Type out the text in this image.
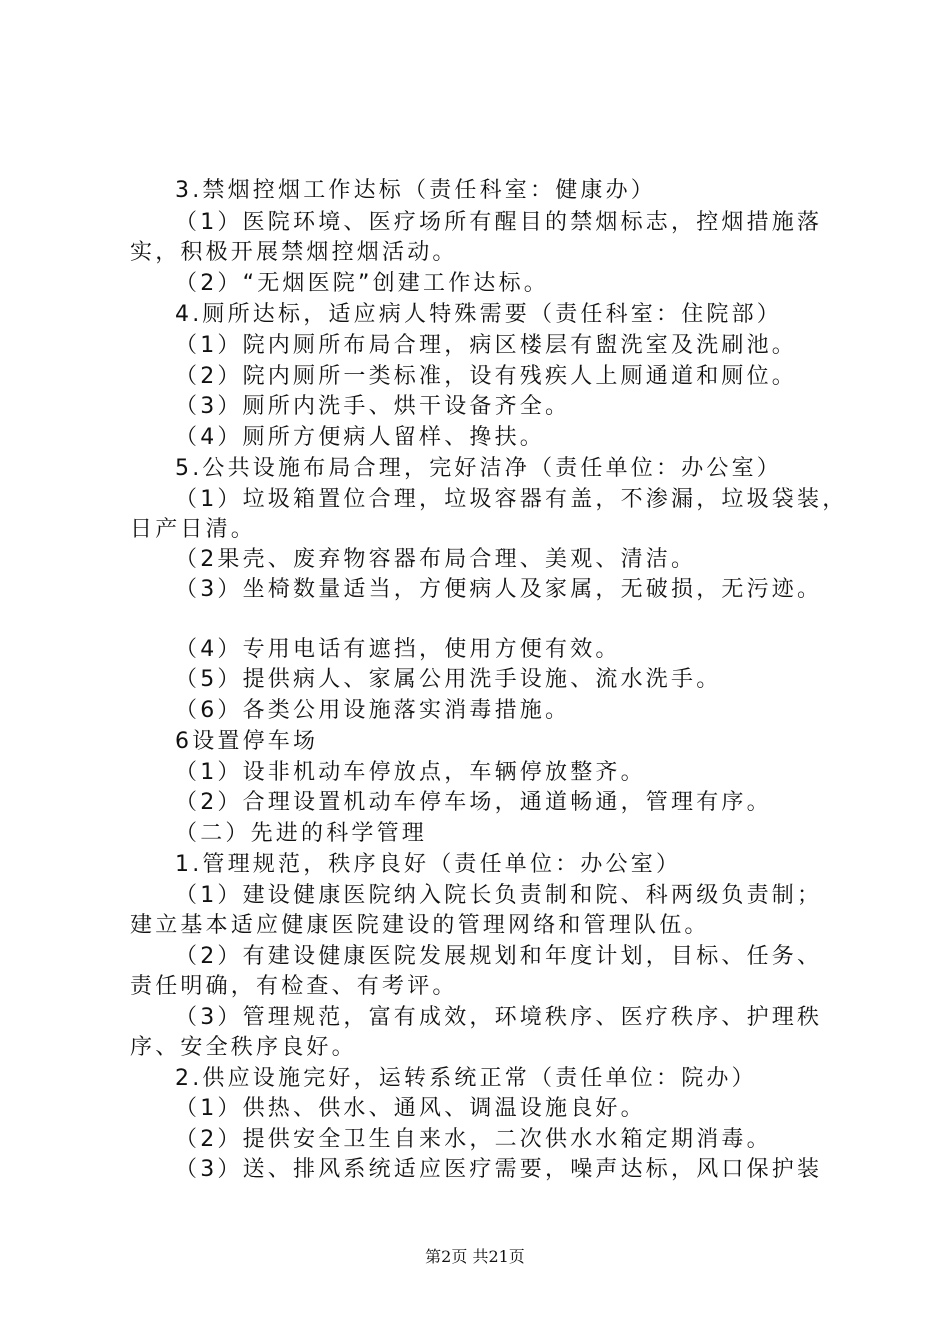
3.禁烟控烟工作达标（责任科室：健康办）
（1）医院环境、医疗场所有醒目的禁烟标志，控烟措施落
实，积极开展禁烟控烟活动。
（2）“无烟医院”创建工作达标。
4.厕所达标，适应病人特殊需要（责任科室：住院部）
（1）院内厕所布局合理，病区楼层有盥洗室及洗刷池。
（2）院内厕所一类标准，设有残疾人上厕通道和厕位。
（3）厕所内洗手、烘干设备齐全。
（4）厕所方便病人留样、搀扶。
5.公共设施布局合理，完好洁净（责任单位：办公室）
（1）垃圾箱置位合理，垃圾容器有盖，不渗漏，垃圾袋装，
日产日清。
（2果壳、废弃物容器布局合理、美观、清洁。
（3）坐椅数量适当，方便病人及家属，无破损，无污迹。
（4）专用电话有遮挡，使用方便有效。
（5）提供病人、家属公用洗手设施、流水洗手。
（6）各类公用设施落实消毒措施。
6设置停车场
（1）设非机动车停放点，车辆停放整齐。
（2）合理设置机动车停车场，通道畅通，管理有序。
（二）先进的科学管理
1.管理规范，秩序良好（责任单位：办公室）
（1）建设健康医院纳入院长负责制和院、科两级负责制；
建立基本适应健康医院建设的管理网络和管理队伍。
（2）有建设健康医院发展规划和年度计划，目标、任务、
责任明确，有检查、有考评。
（3）管理规范，富有成效，环境秩序、医疗秩序、护理秩
序、安全秩序良好。
2.供应设施完好，运转系统正常（责任单位：院办）
（1）供热、供水、通风、调温设施良好。
（2）提供安全卫生自来水，二次供水水箱定期消毒。
（3）送、排风系统适应医疗需要，噪声达标，风口保护装
第2页 共21页
